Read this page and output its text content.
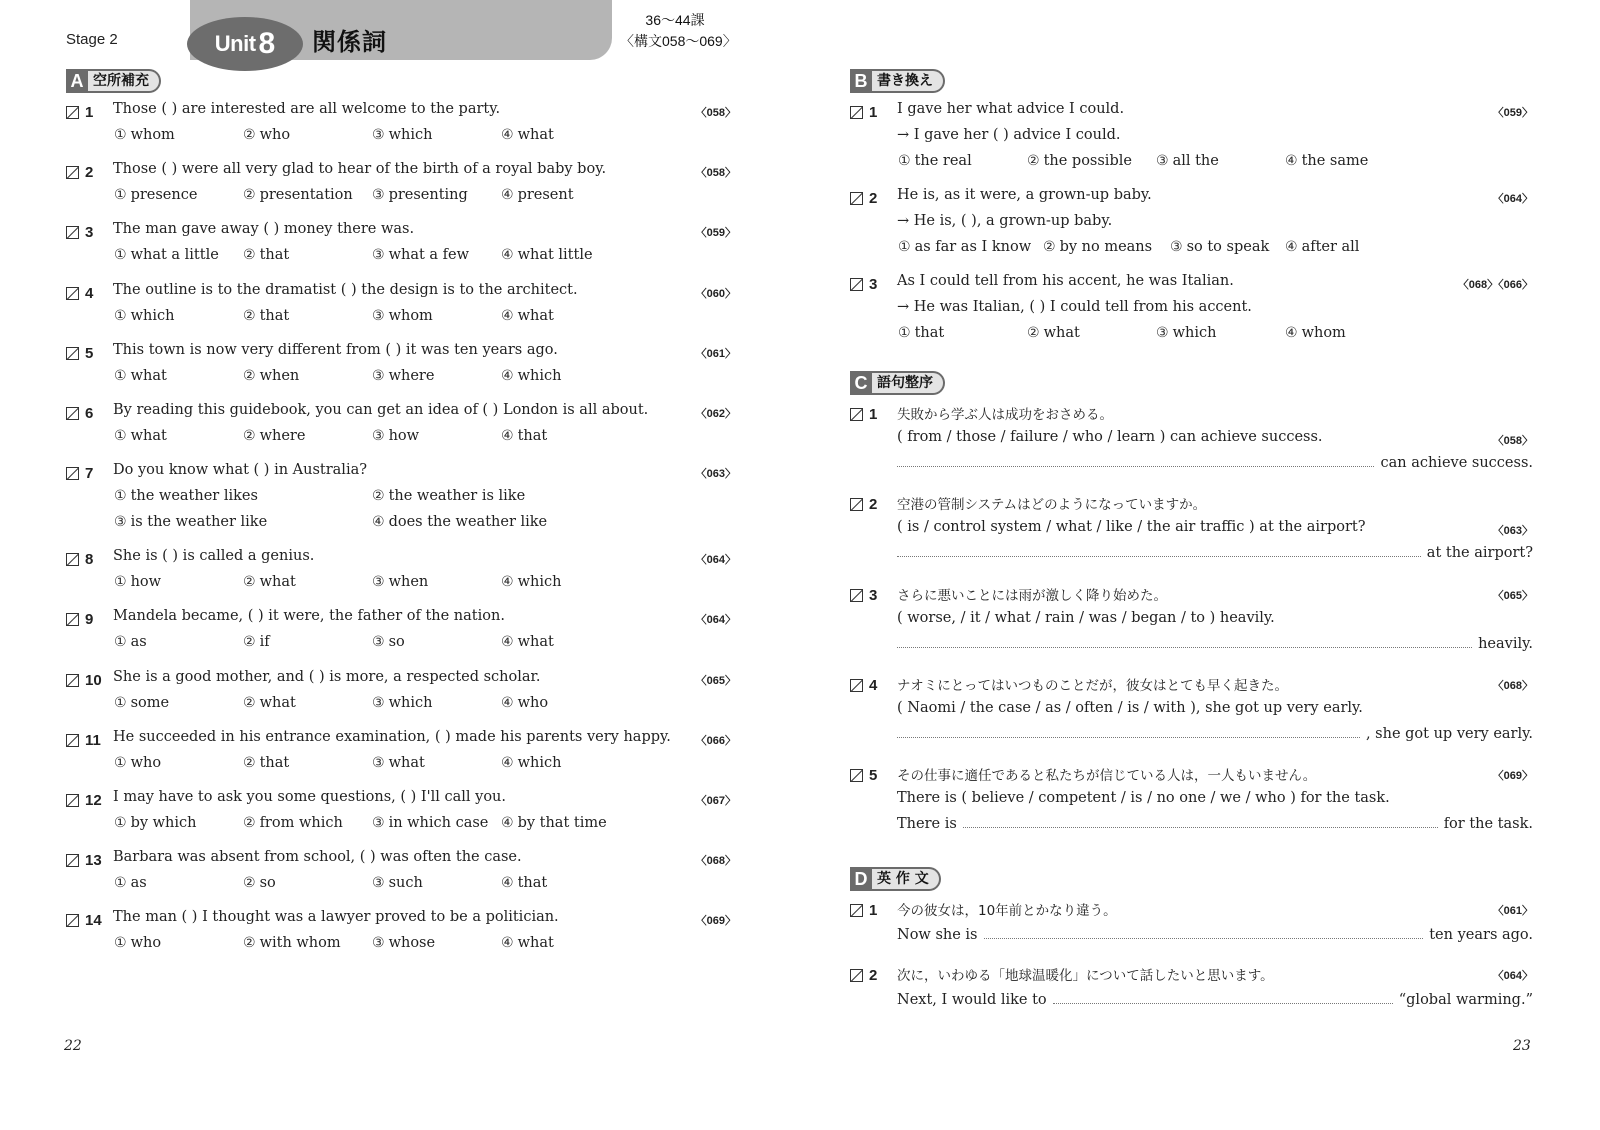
Stage 2	Unit 8 関係詞
36〜44課
〈構文058〜069〉
A 空所補充
1 Those ( ) are interested are all welcome to the party.	〈058〉
① whom	② who	③ which	④ what
2 Those ( ) were all very glad to hear of the birth of a royal baby boy.	〈058〉
① presence	② presentation ③ presenting ④ present
3 The man gave away ( ) money there was.	〈059〉
① what a little ② that	③ what a few ④ what little
4 The outline is to the dramatist ( ) the design is to the architect.	〈060〉
① which	② that	③ whom	④ what
5 This town is now very different from ( ) it was ten years ago.	〈061〉
① what	② when	③ where	④ which
6 By reading this guidebook, you can get an idea of ( ) London is all about.	〈062〉
① what	② where	③ how	④ that
7 Do you know what ( ) in Australia?	〈063〉
① the weather likes	② the weather is like
③ is the weather like	④ does the weather like
8 She is ( ) is called a genius.	〈064〉
① how	② what	③ when	④ which
9 Mandela became, ( ) it were, the father of the nation.	〈064〉
① as	② if	③ so	④ what
10 She is a good mother, and ( ) is more, a respected scholar.	〈065〉
① some	② what	③ which	④ who
11 He succeeded in his entrance examination, ( ) made his parents very happy. 〈066〉
① who	② that	③ what	④ which
12 I may have to ask you some questions, ( ) I'll call you.	〈067〉
① by which	② from which ③ in which case ④ by that time
13 Barbara was absent from school, ( ) was often the case.	〈068〉
① as	② so	③ such	④ that
14 The man ( ) I thought was a lawyer proved to be a politician.	〈069〉
① who	② with whom ③ whose	④ what
B 書き換え
1 I gave her what advice I could.	〈059〉
→ I gave her ( ) advice I could.
① the real	② the possible ③ all the	④ the same
2 He is, as it were, a grown-up baby.	〈064〉
→ He is, ( ), a grown-up baby.
① as far as I know ② by no means ③ so to speak ④ after all
3 As I could tell from his accent, he was Italian.	〈068〉〈066〉
→ He was Italian, ( ) I could tell from his accent.
① that	② what	③ which	④ whom
C 語句整序
1 失敗から学ぶ人は成功をおさめる。
( from / those / failure / who / learn ) can achieve success.	〈058〉
can achieve success.
2 空港の管制システムはどのようになっていますか。
( is / control system / what / like / the air traffic ) at the airport?	〈063〉
at the airport?
3 さらに悪いことには雨が激しく降り始めた。
( worse, / it / what / rain / was / began / to ) heavily.
〈065〉
heavily.
4 ナオミにとってはいつものことだが，彼女はとても早く起きた。
( Naomi / the case / as / often / is / with ), she got up very early.
〈068〉
, she got up very early.
5 その仕事に適任であると私たちが信じている人は，一人もいません。
There is ( believe / competent / is / no one / we / who ) for the task.
〈069〉
There is	for the task.
D 英 作 文
1 今の彼女は，10年前とかなり違う。	〈061〉
Now she is	ten years ago.
2 次に，いわゆる「地球温暖化」について話したいと思います。	〈064〉
Next, I would like to	“global warming.”
22	23
